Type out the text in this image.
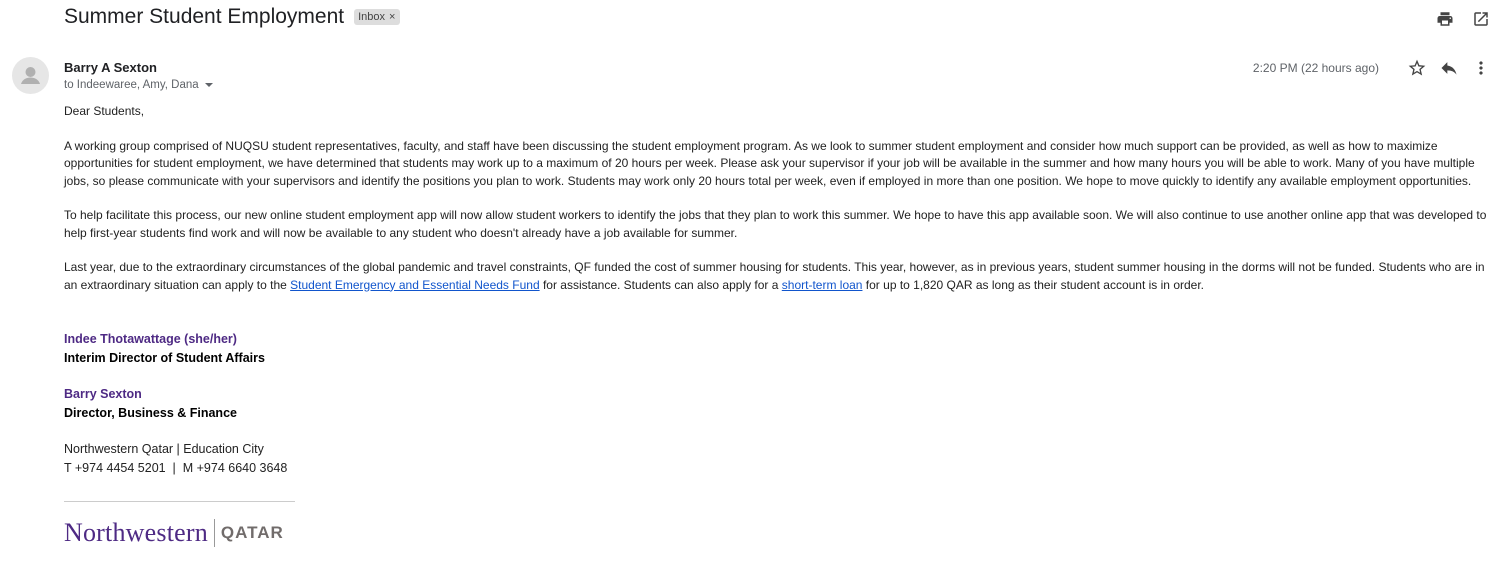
Summer Student Employment Inbox ×
Barry A Sexton
to Indeewaree, Amy, Dana
2:20 PM (22 hours ago)

Dear Students,

A working group comprised of NUQSU student representatives, faculty, and staff have been discussing the student employment program. As we look to summer student employment and consider how much support can be provided, as well as how to maximize opportunities for student employment, we have determined that students may work up to a maximum of 20 hours per week. Please ask your supervisor if your job will be available in the summer and how many hours you will be able to work. Many of you have multiple jobs, so please communicate with your supervisors and identify the positions you plan to work. Students may work only 20 hours total per week, even if employed in more than one position. We hope to move quickly to identify any available employment opportunities.

To help facilitate this process, our new online student employment app will now allow student workers to identify the jobs that they plan to work this summer. We hope to have this app available soon. We will also continue to use another online app that was developed to help first-year students find work and will now be available to any student who doesn't already have a job available for summer.

Last year, due to the extraordinary circumstances of the global pandemic and travel constraints, QF funded the cost of summer housing for students. This year, however, as in previous years, student summer housing in the dorms will not be funded. Students who are in an extraordinary situation can apply to the Student Emergency and Essential Needs Fund for assistance. Students can also apply for a short-term loan for up to 1,820 QAR as long as their student account is in order.

Indee Thotawattage (she/her)
Interim Director of Student Affairs
Barry Sexton
Director, Business & Finance
Northwestern Qatar | Education City
T +974 4454 5201  |  M +974 6640 3648
Northwestern QATAR
